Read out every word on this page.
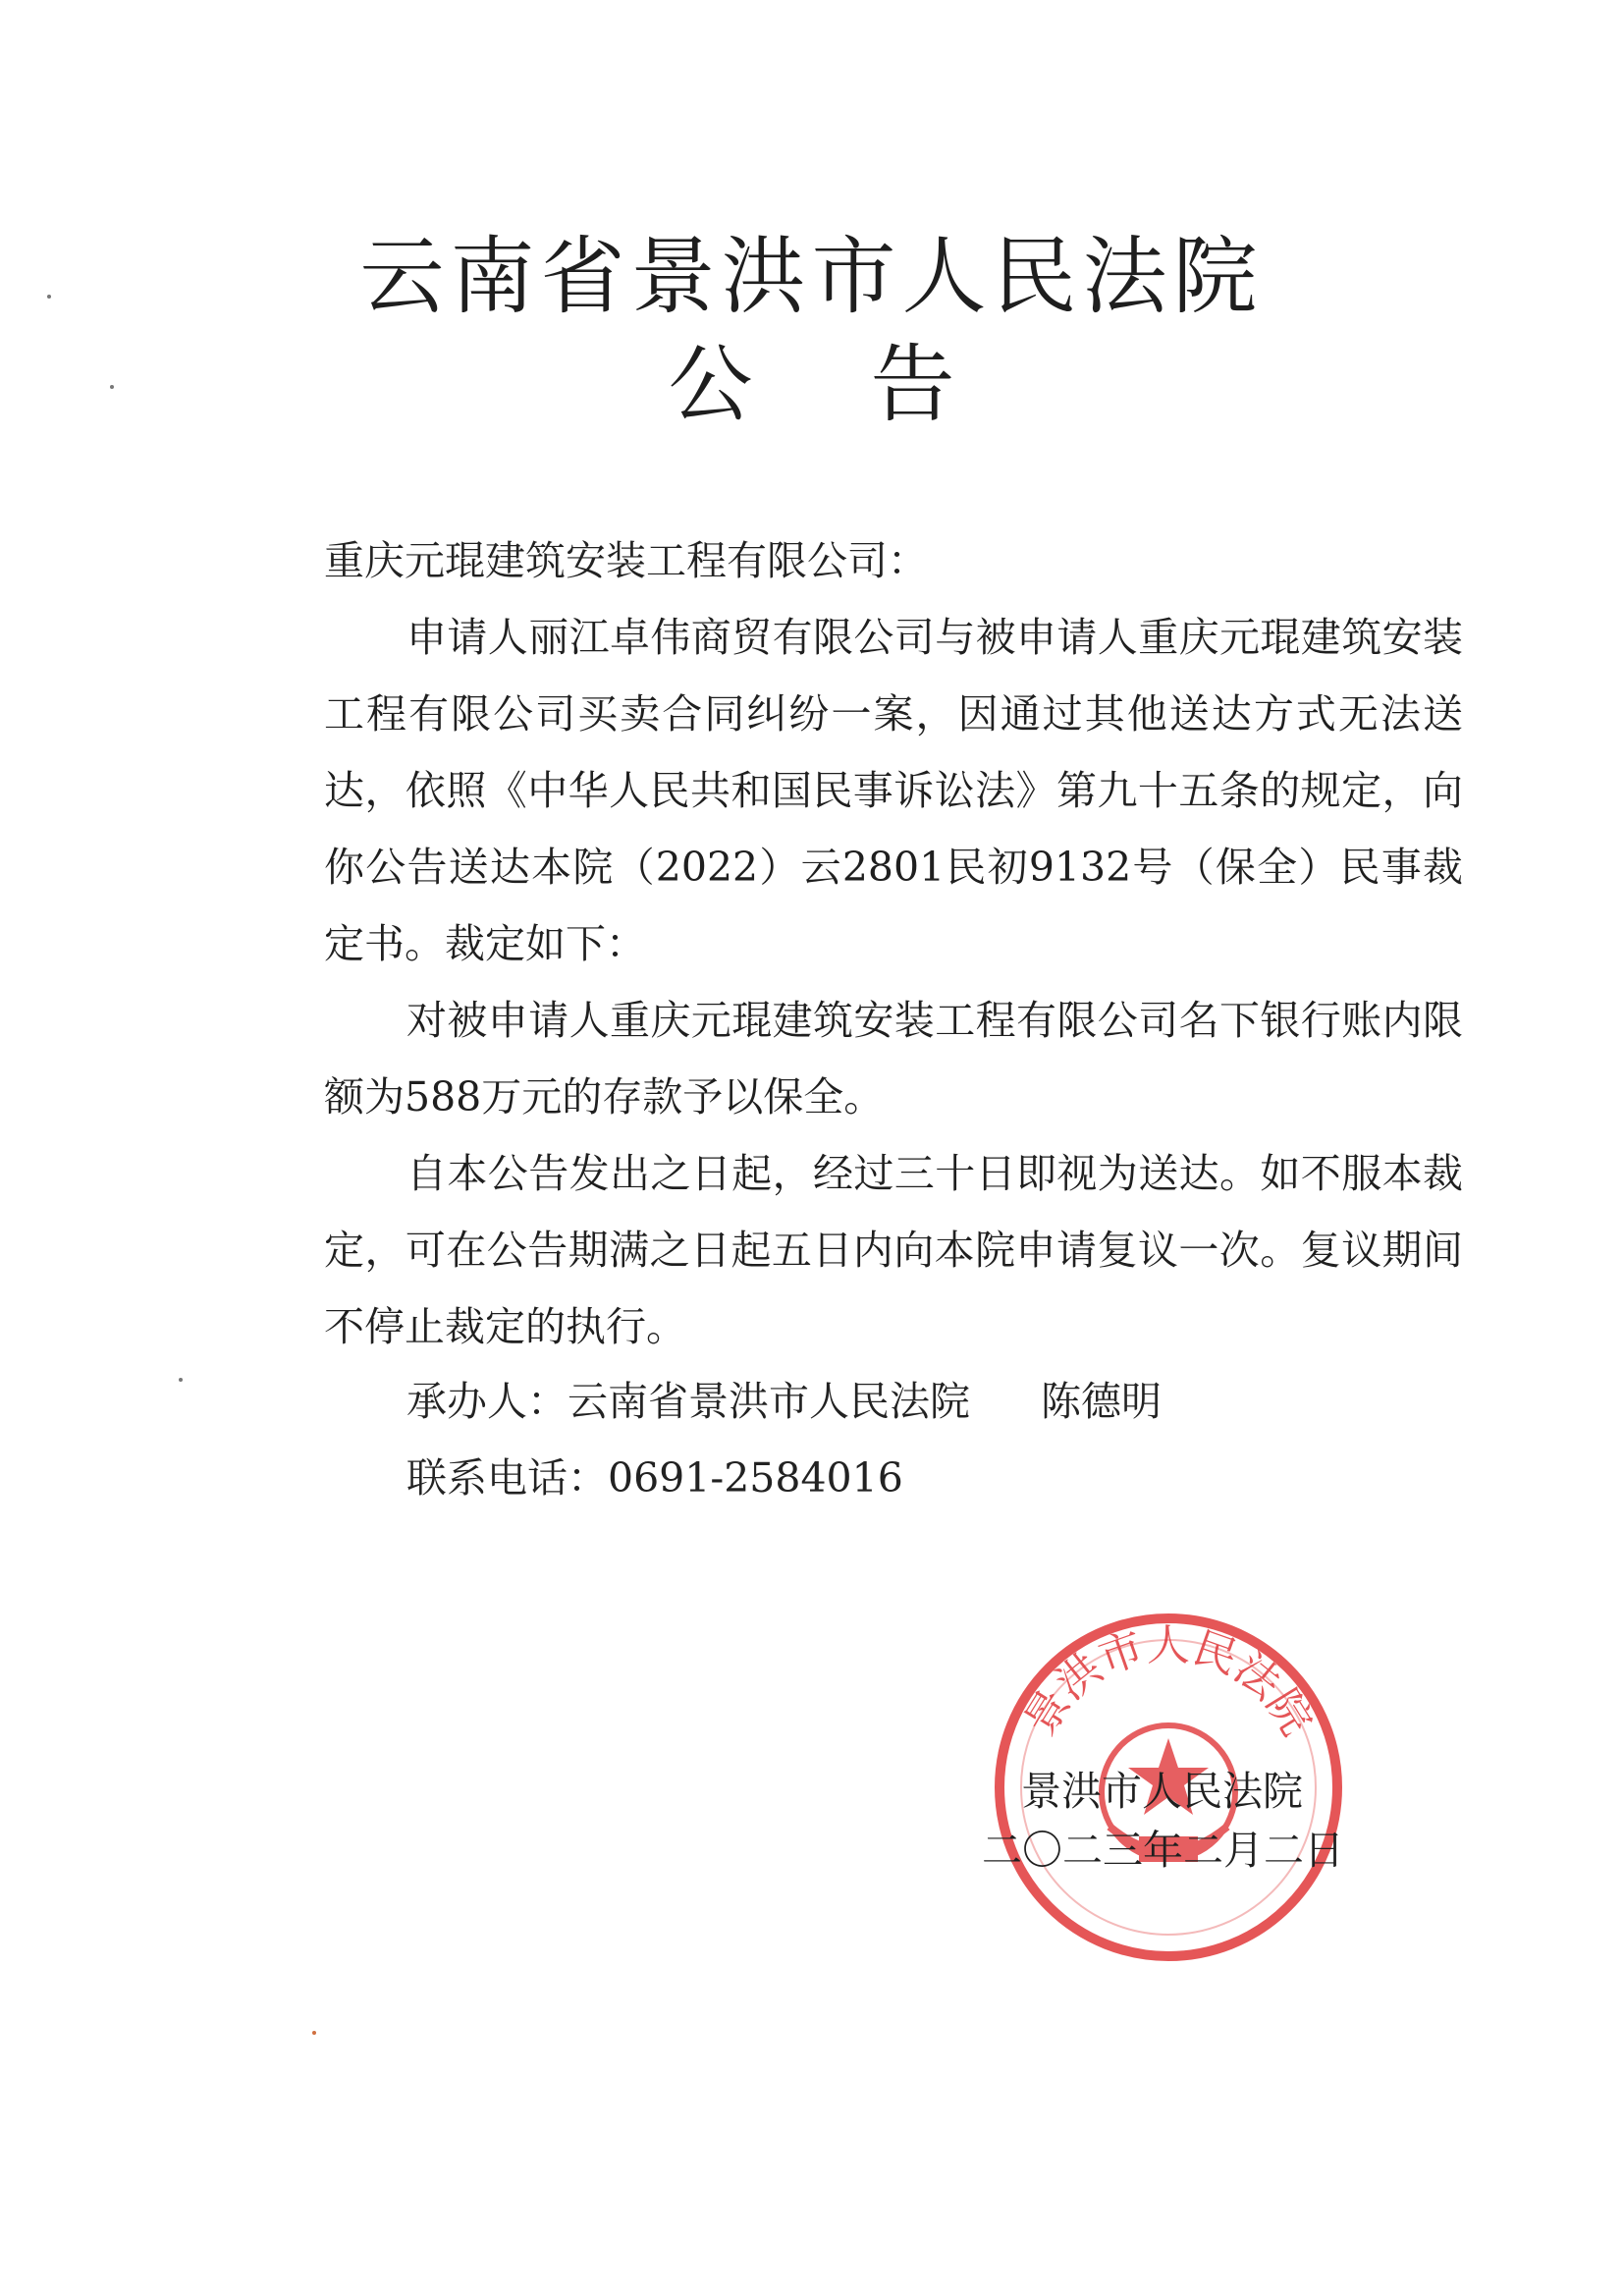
云南省景洪市人民法院
公告
重庆元琨建筑安装工程有限公司：

申请人丽江卓伟商贸有限公司与被申请人重庆元琨建筑安装工程有限公司买卖合同纠纷一案，因通过其他送达方式无法送达，依照《中华人民共和国民事诉讼法》第九十五条的规定，向你公告送达本院（2022）云2801民初9132号（保全）民事裁定书。裁定如下：

对被申请人重庆元琨建筑安装工程有限公司名下银行账内限额为588万元的存款予以保全。

自本公告发出之日起，经过三十日即视为送达。如不服本裁定，可在公告期满之日起五日内向本院申请复议一次。复议期间不停止裁定的执行。

承办人：云南省景洪市人民法院 陈德明
联系电话：0691-2584016
景洪市人民法院
景洪市人民法院
二〇二三年二月二日
